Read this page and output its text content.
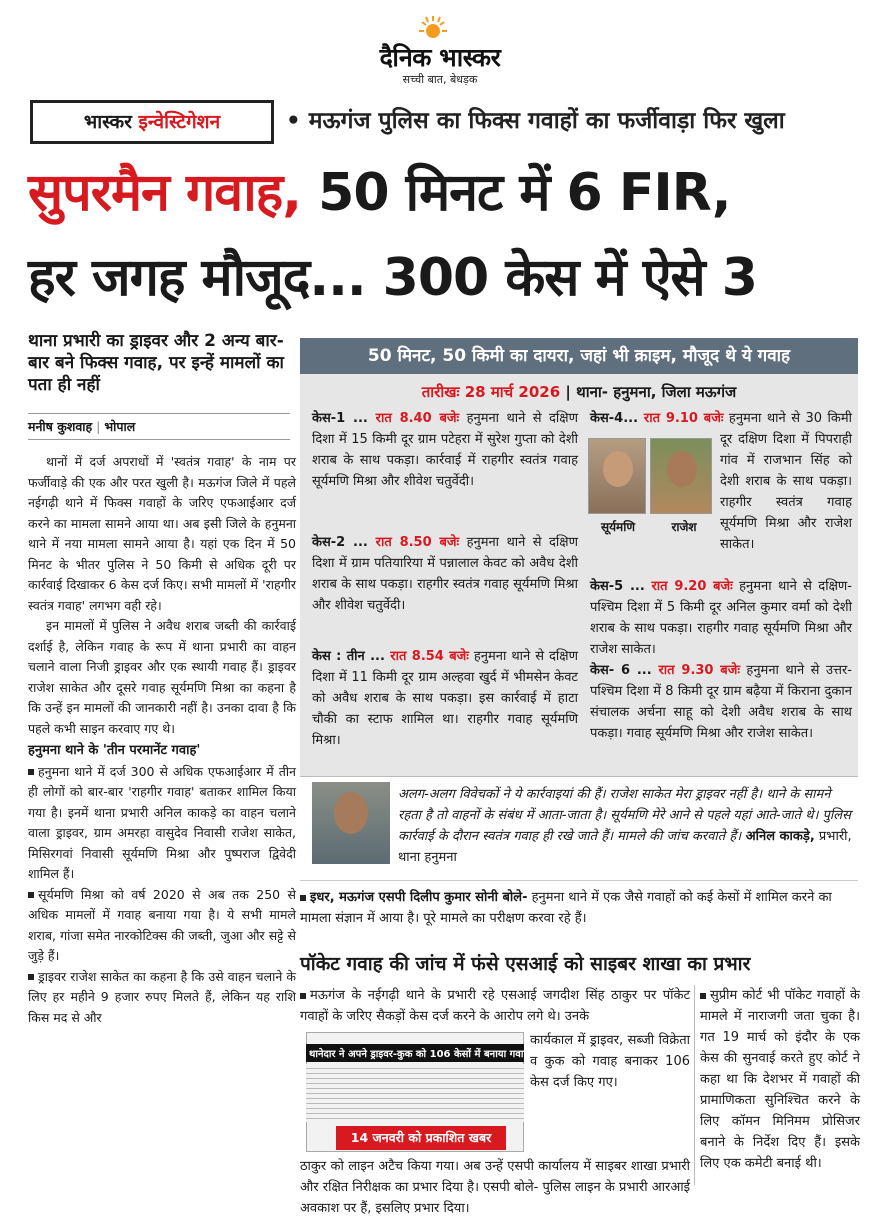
दैनिक भास्कर
सच्ची बात, बेधड़क
भास्कर इन्वेस्टिगेशन	• मऊगंज पुलिस का फिक्स गवाहों का फर्जीवाड़ा फिर खुला
सुपरमैन गवाह, 50 मिनट में 6 FIR,
हर जगह मौजूद... 300 केस में ऐसे 3
थाना प्रभारी का ड्राइवर और 2 अन्य बार-बार बने फिक्स गवाह, पर इन्हें मामलों का पता ही नहीं
मनीष कुशवाह | भोपाल

थानों में दर्ज अपराधों में 'स्वतंत्र गवाह' के नाम पर फर्जीवाड़े की एक और परत खुली है। मऊगंज जिले में पहले नईगढ़ी थाने में फिक्स गवाहों के जरिए एफआईआर दर्ज करने का मामला सामने आया था। अब इसी जिले के हनुमना थाने में नया मामला सामने आया है। यहां एक दिन में 50 मिनट के भीतर पुलिस ने 50 किमी से अधिक दूरी पर कार्रवाई दिखाकर 6 केस दर्ज किए। सभी मामलों में 'राहगीर स्वतंत्र गवाह' लगभग वही रहे।

इन मामलों में पुलिस ने अवैध शराब जब्ती की कार्रवाई दर्शाई है, लेकिन गवाह के रूप में थाना प्रभारी का वाहन चलाने वाला निजी ड्राइवर और एक स्थायी गवाह हैं। ड्राइवर राजेश साकेत और दूसरे गवाह सूर्यमणि मिश्रा का कहना है कि उन्हें इन मामलों की जानकारी नहीं है। उनका दावा है कि पहले कभी साइन करवाए गए थे।

हनुमना थाने के 'तीन परमानेंट गवाह'

हनुमना थाने में दर्ज 300 से अधिक एफआईआर में तीन ही लोगों को बार-बार 'राहगीर गवाह' बताकर शामिल किया गया है। इनमें थाना प्रभारी अनिल काकड़े का वाहन चलाने वाला ड्राइवर, ग्राम अमरहा वासुदेव निवासी राजेश साकेत, मिसिरगवां निवासी सूर्यमणि मिश्रा और पुष्पराज द्विवेदी शामिल हैं।

सूर्यमणि मिश्रा को वर्ष 2020 से अब तक 250 से अधिक मामलों में गवाह बनाया गया है। ये सभी मामले शराब, गांजा समेत नारकोटिक्स की जब्ती, जुआ और सट्टे से जुड़े हैं।

ड्राइवर राजेश साकेत का कहना है कि उसे वाहन चलाने के लिए हर महीने 9 हजार रुपए मिलते हैं, लेकिन यह राशि किस मद से और

50 मिनट, 50 किमी का दायरा, जहां भी क्राइम, मौजूद थे ये गवाह
तारीखः 28 मार्च 2026 | थाना- हनुमना, जिला मऊगंज
केस-1 ... रात 8.40 बजेः हनुमना थाने से दक्षिण दिशा में 15 किमी दूर ग्राम पटेहरा में सुरेश गुप्ता को देशी शराब के साथ पकड़ा। कार्रवाई में राहगीर स्वतंत्र गवाह सूर्यमणि मिश्रा और शीवेश चतुर्वेदी।
केस-2 ... रात 8.50 बजेः हनुमना थाने से दक्षिण दिशा में ग्राम पतियारिया में पन्नालाल केवट को अवैध देशी शराब के साथ पकड़ा। राहगीर स्वतंत्र गवाह सूर्यमणि मिश्रा और शीवेश चतुर्वेदी।
केस : तीन ... रात 8.54 बजेः हनुमना थाने से दक्षिण दिशा में 11 किमी दूर ग्राम अल्हवा खुर्द में भीमसेन केवट को अवैध शराब के साथ पकड़ा। इस कार्रवाई में हाटा चौकी का स्टाफ शामिल था। राहगीर गवाह सूर्यमणि मिश्रा।
सूर्यमणि	राजेश
केस-4... रात 9.10 बजेः हनुमना थाने से 30 किमी दूर दक्षिण दिशा में पिपराही गांव में राजभान सिंह को देशी शराब के साथ पकड़ा। राहगीर स्वतंत्र गवाह सूर्यमणि मिश्रा और राजेश साकेत।
केस-5 ... रात 9.20 बजेः हनुमना थाने से दक्षिण-पश्चिम दिशा में 5 किमी दूर अनिल कुमार वर्मा को देशी शराब के साथ पकड़ा। राहगीर गवाह सूर्यमणि मिश्रा और राजेश साकेत।
केस- 6 ... रात 9.30 बजेः हनुमना थाने से उत्तर-पश्चिम दिशा में 8 किमी दूर ग्राम बढ़ैया में किराना दुकान संचालक अर्चना साहू को देशी अवैध शराब के साथ पकड़ा। गवाह सूर्यमणि मिश्रा और राजेश साकेत।
अलग-अलग विवेचकों ने ये कार्रवाइयां की हैं। राजेश साकेत मेरा ड्राइवर नहीं है। थाने के सामने रहता है तो वाहनों के संबंध में आता-जाता है। सूर्यमणि मेरे आने से पहले यहां आते-जाते थे। पुलिस कार्रवाई के दौरान स्वतंत्र गवाह ही रखे जाते हैं। मामले की जांच करवाते हैं। अनिल काकड़े, प्रभारी, थाना हनुमना
इधर, मऊगंज एसपी दिलीप कुमार सोनी बोले- हनुमना थाने में एक जैसे गवाहों को कई केसों में शामिल करने का मामला संज्ञान में आया है। पूरे मामले का परीक्षण करवा रहे हैं।
पॉकेट गवाह की जांच में फंसे एसआई को साइबर शाखा का प्रभार
मऊगंज के नईगढ़ी थाने के प्रभारी रहे एसआई जगदीश सिंह ठाकुर पर पॉकेट गवाहों के जरिए सैकड़ों केस दर्ज करने के आरोप लगे थे। उनके
थानेदार ने अपने ड्राइवर-कुक को 106 केसों में बनाया गवाह
14 जनवरी को प्रकाशित खबर
कार्यकाल में ड्राइवर, सब्जी विक्रेता व कुक को गवाह बनाकर 106 केस दर्ज किए गए।
ठाकुर को लाइन अटैच किया गया। अब उन्हें एसपी कार्यालय में साइबर शाखा प्रभारी और रक्षित निरीक्षक का प्रभार दिया है। एसपी बोले- पुलिस लाइन के प्रभारी आरआई अवकाश पर हैं, इसलिए प्रभार दिया।
सुप्रीम कोर्ट भी पॉकेट गवाहों के मामले में नाराजगी जता चुका है। गत 19 मार्च को इंदौर के एक केस की सुनवाई करते हुए कोर्ट ने कहा था कि देशभर में गवाहों की प्रामाणिकता सुनिश्चित करने के लिए कॉमन मिनिमम प्रोसिजर बनाने के निर्देश दिए हैं। इसके लिए एक कमेटी बनाई थी।
